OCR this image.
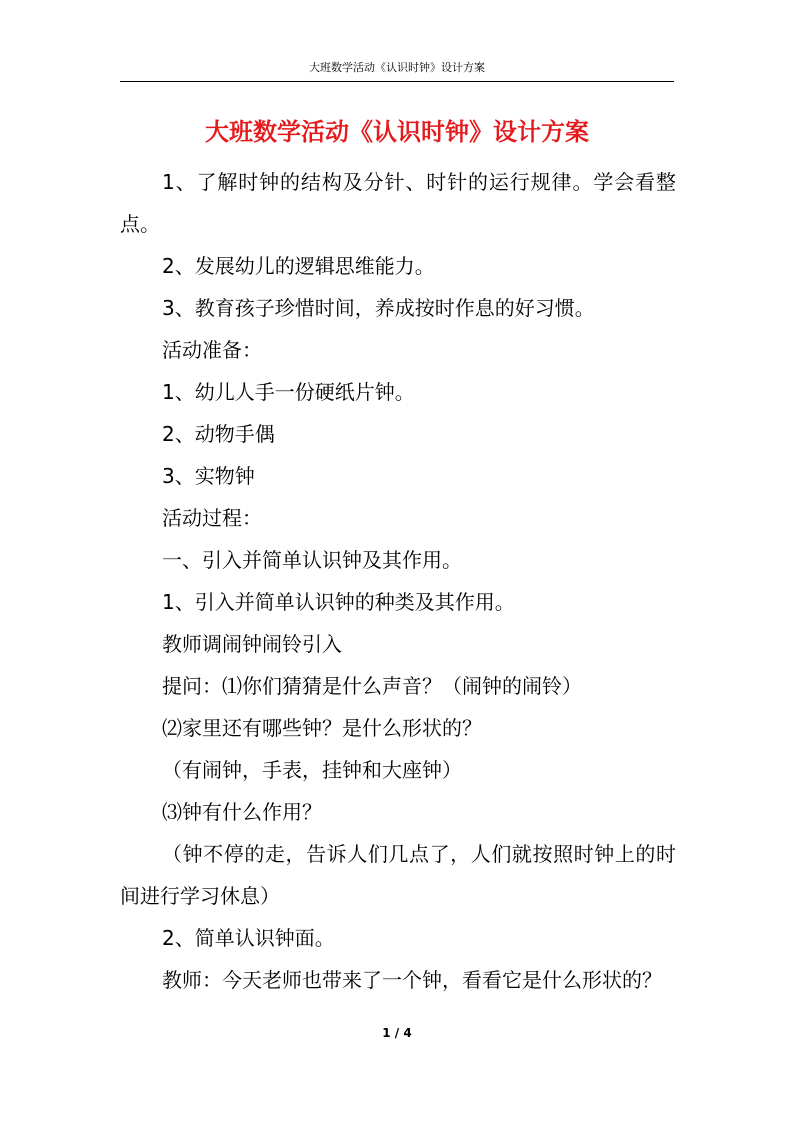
大班数学活动《认识时钟》设计方案
大班数学活动《认识时钟》设计方案

1、了解时钟的结构及分针、时针的运行规律。学会看整点。

2、发展幼儿的逻辑思维能力。

3、教育孩子珍惜时间，养成按时作息的好习惯。

活动准备：

1、幼儿人手一份硬纸片钟。

2、动物手偶

3、实物钟

活动过程：

一、引入并简单认识钟及其作用。

1、引入并简单认识钟的种类及其作用。

教师调闹钟闹铃引入

提问：⑴你们猜猜是什么声音？（闹钟的闹铃）

⑵家里还有哪些钟？是什么形状的？

（有闹钟，手表，挂钟和大座钟）

⑶钟有什么作用？

（钟不停的走，告诉人们几点了，人们就按照时钟上的时间进行学习休息）

2、简单认识钟面。

教师：今天老师也带来了一个钟，看看它是什么形状的？

1 / 4
